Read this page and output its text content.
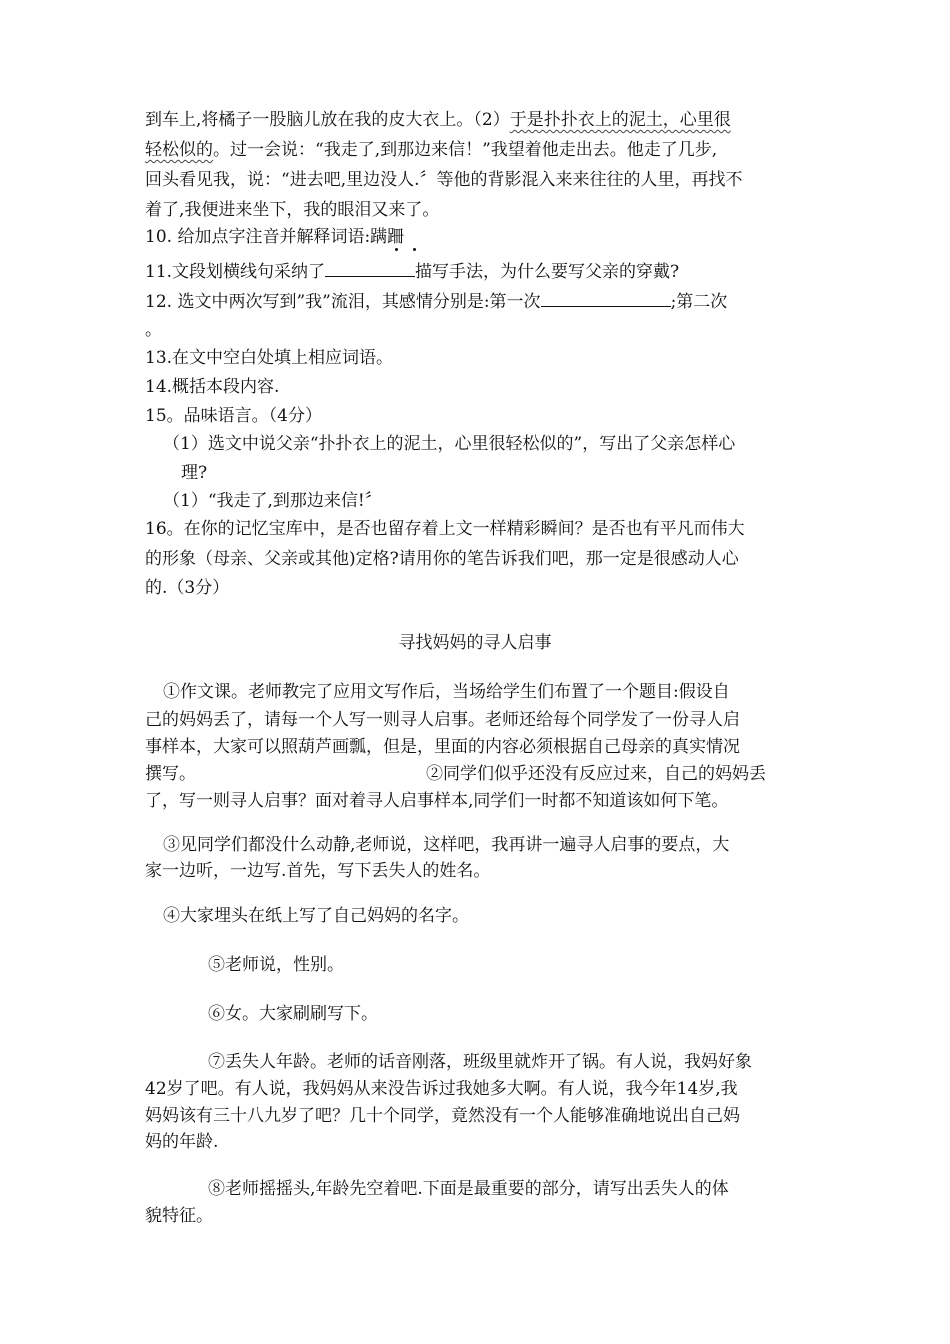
到车上,将橘子一股脑儿放在我的皮大衣上。（2）于是扑扑衣上的泥土，心里很
轻松似的。过一会说：“我走了,到那边来信！”我望着他走出去。他走了几步,
回头看见我，说：“进去吧,里边没人.〞等他的背影混入来来往往的人里，再找不
着了,我便进来坐下，我的眼泪又来了。
10. 给加点字注音并解释词语:蹒跚
11.文段划横线句采纳了	描写手法，为什么要写父亲的穿戴?
12. 选文中两次写到”我”流泪，其感情分别是:第一次	;第二次
。
13.在文中空白处填上相应词语。
14.概括本段内容.
15。品味语言。（4分）
（1）选文中说父亲“扑扑衣上的泥土，心里很轻松似的”，写出了父亲怎样心
理?
（1）“我走了,到那边来信!〞
16。在你的记忆宝库中，是否也留存着上文一样精彩瞬间？是否也有平凡而伟大
的形象（母亲、父亲或其他)定格?请用你的笔告诉我们吧，那一定是很感动人心
的.（3分）
寻找妈妈的寻人启事
①作文课。老师教完了应用文写作后，当场给学生们布置了一个题目:假设自
己的妈妈丢了，请每一个人写一则寻人启事。老师还给每个同学发了一份寻人启
事样本，大家可以照葫芦画瓢，但是，里面的内容必须根据自己母亲的真实情况
撰写。	②同学们似乎还没有反应过来，自己的妈妈丢
了，写一则寻人启事？面对着寻人启事样本,同学们一时都不知道该如何下笔。
③见同学们都没什么动静,老师说，这样吧，我再讲一遍寻人启事的要点，大
家一边听，一边写.首先，写下丢失人的姓名。
④大家埋头在纸上写了自己妈妈的名字。
⑤老师说，性别。
⑥女。大家刷刷写下。
⑦丢失人年龄。老师的话音刚落，班级里就炸开了锅。有人说，我妈好象
42岁了吧。有人说，我妈妈从来没告诉过我她多大啊。有人说，我今年14岁,我
妈妈该有三十八九岁了吧？几十个同学，竟然没有一个人能够准确地说出自己妈
妈的年龄.
⑧老师摇摇头,年龄先空着吧.下面是最重要的部分，请写出丢失人的体
貌特征。
